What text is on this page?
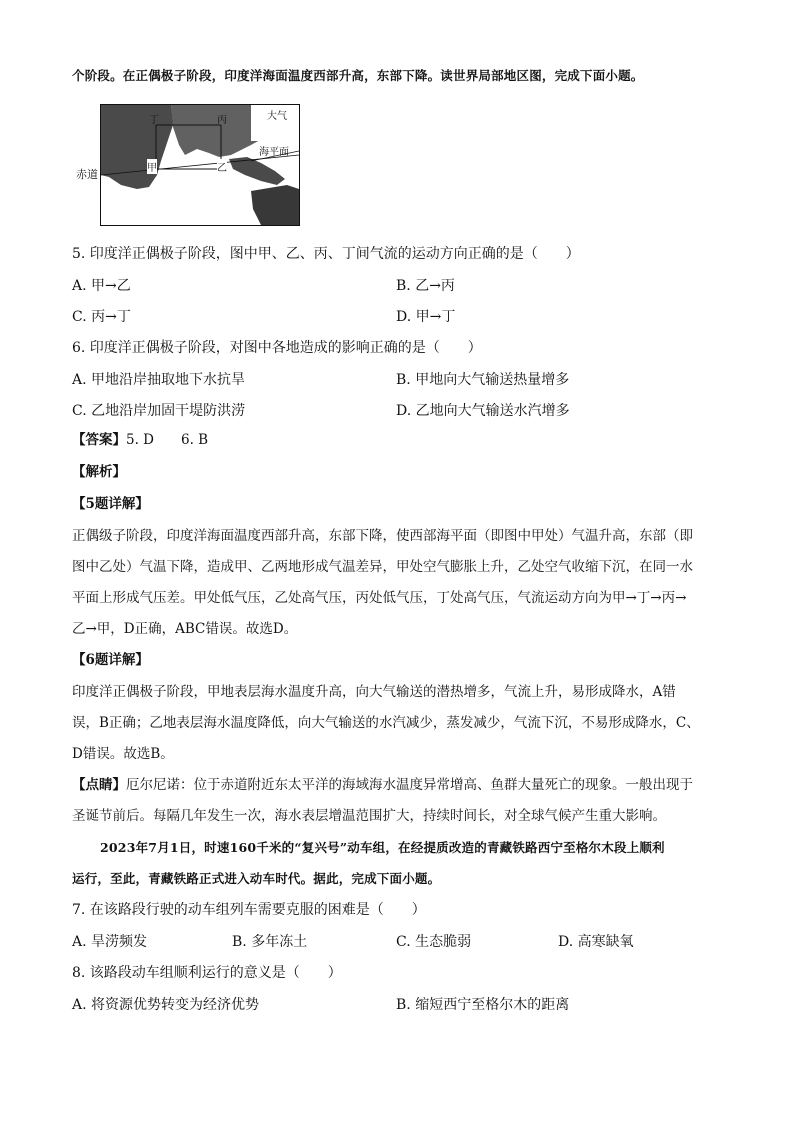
个阶段。在正偶极子阶段，印度洋海面温度西部升高，东部下降。读世界局部地区图，完成下面小题。
丁	丙
甲	乙
大气
海平面
印度洋
赤道
5. 印度洋正偶极子阶段，图中甲、乙、丙、丁间气流的运动方向正确的是（　　）
A. 甲→乙	B. 乙→丙
C. 丙→丁	D. 甲→丁
6. 印度洋正偶极子阶段，对图中各地造成的影响正确的是（　　）
A. 甲地沿岸抽取地下水抗旱	B. 甲地向大气输送热量增多
C. 乙地沿岸加固干堤防洪涝	D. 乙地向大气输送水汽增多
【答案】5. D　　6. B
【解析】
【5题详解】
正偶级子阶段，印度洋海面温度西部升高，东部下降，使西部海平面（即图中甲处）气温升高，东部（即
图中乙处）气温下降，造成甲、乙两地形成气温差异，甲处空气膨胀上升，乙处空气收缩下沉，在同一水
平面上形成气压差。甲处低气压，乙处高气压，丙处低气压，丁处高气压，气流运动方向为甲→丁→丙→
乙→甲，D正确，ABC错误。故选D。
【6题详解】
印度洋正偶极子阶段，甲地表层海水温度升高，向大气输送的潜热增多，气流上升，易形成降水，A错
误，B正确；乙地表层海水温度降低，向大气输送的水汽减少，蒸发减少，气流下沉，不易形成降水，C、
D错误。故选B。
【点睛】厄尔尼诺：位于赤道附近东太平洋的海域海水温度异常增高、鱼群大量死亡的现象。一般出现于
圣诞节前后。每隔几年发生一次，海水表层增温范围扩大，持续时间长，对全球气候产生重大影响。
2023年7月1日，时速160千米的“复兴号”动车组，在经提质改造的青藏铁路西宁至格尔木段上顺利
运行，至此，青藏铁路正式进入动车时代。据此，完成下面小题。
7. 在该路段行驶的动车组列车需要克服的困难是（　　）
A. 旱涝频发	B. 多年冻土	C. 生态脆弱	D. 高寒缺氧
8. 该路段动车组顺利运行的意义是（　　）
A. 将资源优势转变为经济优势	B. 缩短西宁至格尔木的距离
